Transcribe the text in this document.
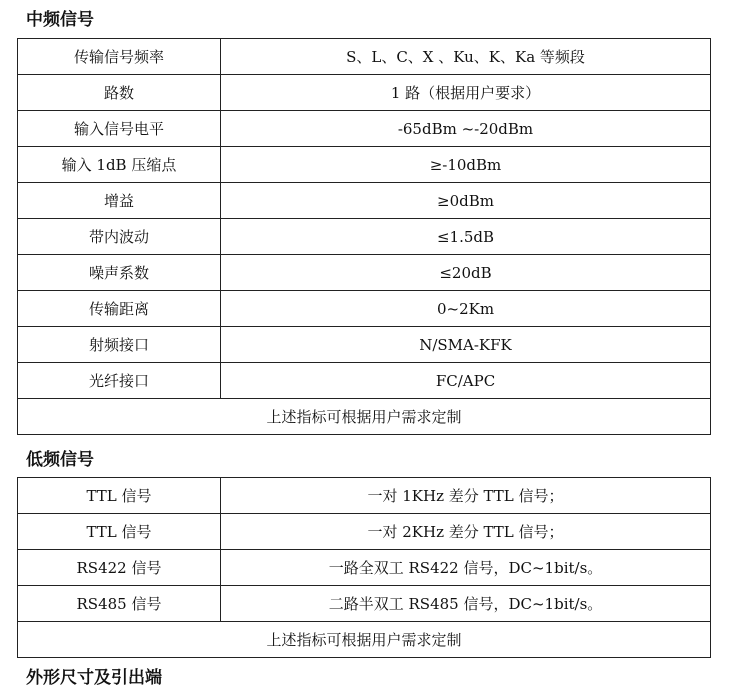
中频信号
传输信号频率	S、L、C、X 、Ku、K、Ka 等频段
路数	1 路（根据用户要求）
输入信号电平	-65dBm ~-20dBm
输入 1dB 压缩点	≥-10dBm
增益	≥0dBm
带内波动	≤1.5dB
噪声系数	≤20dB
传输距离	0~2Km
射频接口	N/SMA-KFK
光纤接口	FC/APC
上述指标可根据用户需求定制	
低频信号
TTL 信号	一对 1KHz 差分 TTL 信号；
TTL 信号	一对 2KHz 差分 TTL 信号；
RS422 信号	一路全双工 RS422 信号，DC~1bit/s。
RS485 信号	二路半双工 RS485 信号，DC~1bit/s。
上述指标可根据用户需求定制	
外形尺寸及引出端
